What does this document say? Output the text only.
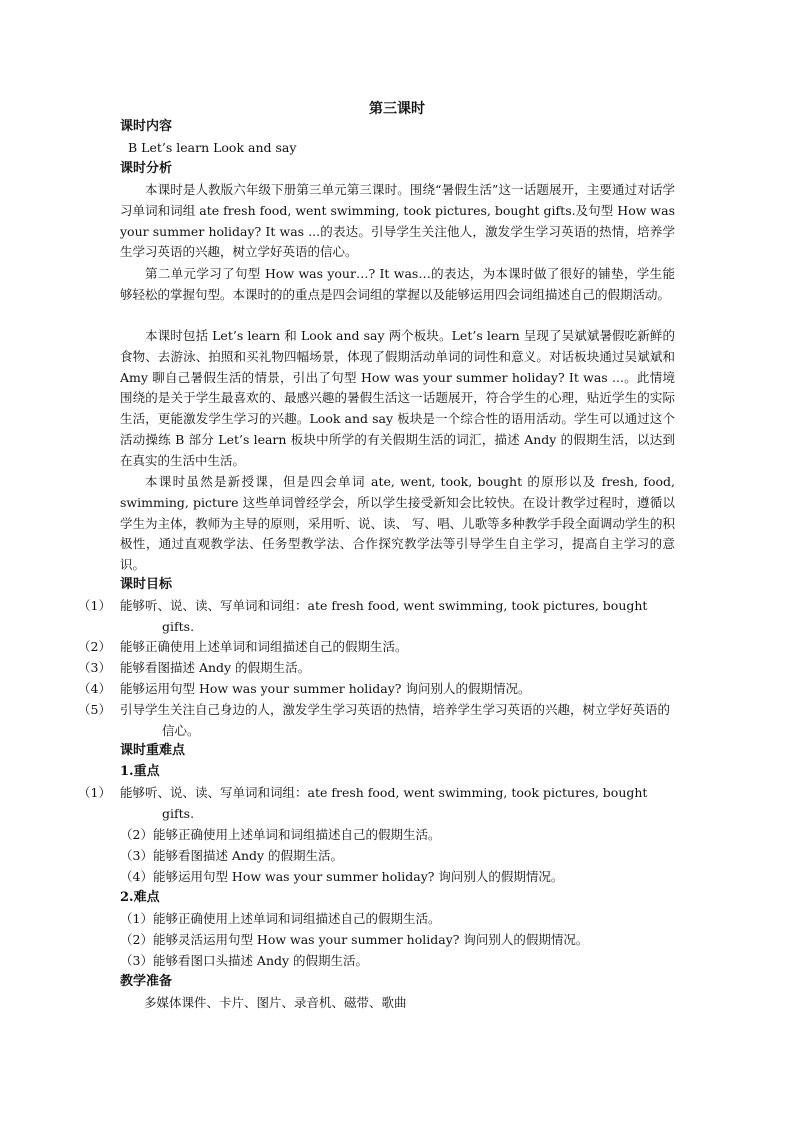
第三课时
课时内容
B Let’s learn Look and say
课时分析

本课时是人教版六年级下册第三单元第三课时。围绕“暑假生活”这一话题展开，主要通过对话学习单词和词组 ate fresh food, went swimming, took pictures, bought gifts.及句型 How was your summer holiday? It was ...的表达。引导学生关注他人，激发学生学习英语的热情，培养学生学习英语的兴趣，树立学好英语的信心。

第二单元学习了句型 How was your…? It was…的表达，为本课时做了很好的铺垫，学生能够轻松的掌握句型。本课时的的重点是四会词组的掌握以及能够运用四会词组描述自己的假期活动。

本课时包括 Let’s learn 和 Look and say 两个板块。Let’s learn 呈现了吴斌斌暑假吃新鲜的食物、去游泳、拍照和买礼物四幅场景，体现了假期活动单词的词性和意义。对话板块通过吴斌斌和 Amy 聊自己暑假生活的情景，引出了句型 How was your summer holiday? It was ...。此情境围绕的是关于学生最喜欢的、最感兴趣的暑假生活这一话题展开，符合学生的心理，贴近学生的实际生活，更能激发学生学习的兴趣。Look and say 板块是一个综合性的语用活动。学生可以通过这个活动操练 B 部分 Let’s learn 板块中所学的有关假期生活的词汇，描述 Andy 的假期生活，以达到在真实的生活中生活。

本课时虽然是新授课，但是四会单词 ate, went, took, bought 的原形以及 fresh, food, swimming, picture 这些单词曾经学会，所以学生接受新知会比较快。在设计教学过程时，遵循以学生为主体，教师为主导的原则，采用听、说、读、 写、唱、儿歌等多种教学手段全面调动学生的积极性，通过直观教学法、任务型教学法、合作探究教学法等引导学生自主学习，提高自主学习的意识。

课时目标

（1） 能够听、说、读、写单词和词组：ate fresh food, went swimming, took pictures, bought gifts.

（2） 能够正确使用上述单词和词组描述自己的假期生活。

（3） 能够看图描述 Andy 的假期生活。

（4） 能够运用句型 How was your summer holiday? 询问别人的假期情况。

（5） 引导学生关注自己身边的人，激发学生学习英语的热情，培养学生学习英语的兴趣，树立学好英语的信心。

课时重难点
1.重点

（1） 能够听、说、读、写单词和词组：ate fresh food, went swimming, took pictures, bought gifts.

（2）能够正确使用上述单词和词组描述自己的假期生活。

（3）能够看图描述 Andy 的假期生活。

（4）能够运用句型 How was your summer holiday? 询问别人的假期情况。

2.难点

（1）能够正确使用上述单词和词组描述自己的假期生活。

（2）能够灵活运用句型 How was your summer holiday? 询问别人的假期情况。

（3）能够看图口头描述 Andy 的假期生活。

教学准备
多媒体课件、卡片、图片、录音机、磁带、歌曲
